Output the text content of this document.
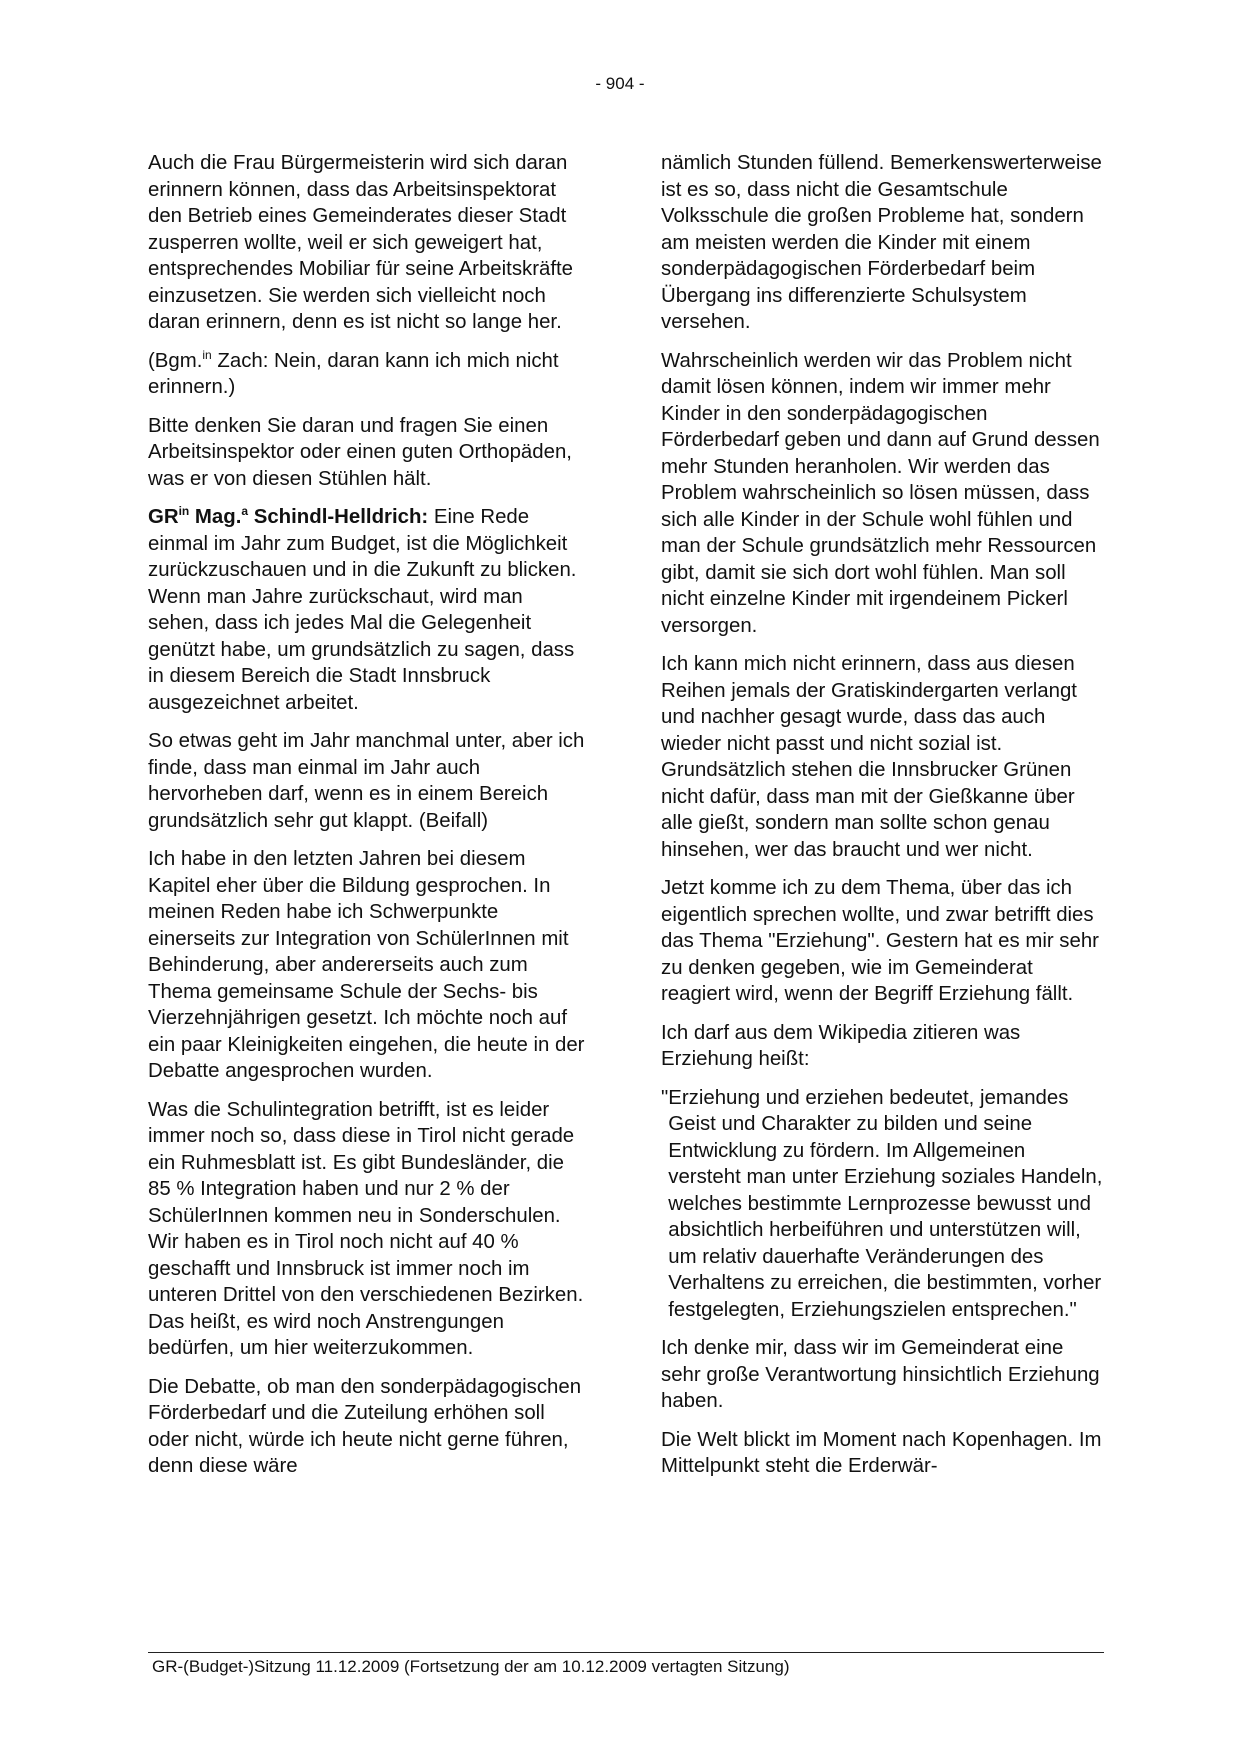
- 904 -

Auch die Frau Bürgermeisterin wird sich daran erinnern können, dass das Arbeitsinspektorat den Betrieb eines Gemeinderates dieser Stadt zusperren wollte, weil er sich geweigert hat, entsprechendes Mobiliar für seine Arbeitskräfte einzusetzen. Sie werden sich vielleicht noch daran erinnern, denn es ist nicht so lange her.

(Bgm.$^{in}$ Zach: Nein, daran kann ich mich nicht erinnern.)

Bitte denken Sie daran und fragen Sie einen Arbeitsinspektor oder einen guten Orthopäden, was er von diesen Stühlen hält.

$GR^{in}$ Mag.$^a$ Schindl-Helldrich: Eine Rede einmal im Jahr zum Budget, ist die Möglichkeit zurückzuschauen und in die Zukunft zu blicken. Wenn man Jahre zurückschaut, wird man sehen, dass ich jedes Mal die Gelegenheit genützt habe, um grundsätzlich zu sagen, dass in diesem Bereich die Stadt Innsbruck ausgezeichnet arbeitet.

So etwas geht im Jahr manchmal unter, aber ich finde, dass man einmal im Jahr auch hervorheben darf, wenn es in einem Bereich grundsätzlich sehr gut klappt. (Beifall)

Ich habe in den letzten Jahren bei diesem Kapitel eher über die Bildung gesprochen. In meinen Reden habe ich Schwerpunkte einerseits zur Integration von SchülerInnen mit Behinderung, aber andererseits auch zum Thema gemeinsame Schule der Sechs- bis Vierzehnjährigen gesetzt. Ich möchte noch auf ein paar Kleinigkeiten eingehen, die heute in der Debatte angesprochen wurden.

Was die Schulintegration betrifft, ist es leider immer noch so, dass diese in Tirol nicht gerade ein Ruhmesblatt ist. Es gibt Bundesländer, die 85 % Integration haben und nur 2 % der SchülerInnen kommen neu in Sonderschulen. Wir haben es in Tirol noch nicht auf 40 % geschafft und Innsbruck ist immer noch im unteren Drittel von den verschiedenen Bezirken. Das heißt, es wird noch Anstrengungen bedürfen, um hier weiterzukommen.

Die Debatte, ob man den sonderpädagogischen Förderbedarf und die Zuteilung erhöhen soll oder nicht, würde ich heute nicht gerne führen, denn diese wäre

nämlich Stunden füllend. Bemerkenswerterweise ist es so, dass nicht die Gesamtschule Volksschule die großen Probleme hat, sondern am meisten werden die Kinder mit einem sonderpädagogischen Förderbedarf beim Übergang ins differenzierte Schulsystem versehen.

Wahrscheinlich werden wir das Problem nicht damit lösen können, indem wir immer mehr Kinder in den sonderpädagogischen Förderbedarf geben und dann auf Grund dessen mehr Stunden heranholen. Wir werden das Problem wahrscheinlich so lösen müssen, dass sich alle Kinder in der Schule wohl fühlen und man der Schule grundsätzlich mehr Ressourcen gibt, damit sie sich dort wohl fühlen. Man soll nicht einzelne Kinder mit irgendeinem Pickerl versorgen.

Ich kann mich nicht erinnern, dass aus diesen Reihen jemals der Gratiskindergarten verlangt und nachher gesagt wurde, dass das auch wieder nicht passt und nicht sozial ist. Grundsätzlich stehen die Innsbrucker Grünen nicht dafür, dass man mit der Gießkanne über alle gießt, sondern man sollte schon genau hinsehen, wer das braucht und wer nicht.

Jetzt komme ich zu dem Thema, über das ich eigentlich sprechen wollte, und zwar betrifft dies das Thema "Erziehung". Gestern hat es mir sehr zu denken gegeben, wie im Gemeinderat reagiert wird, wenn der Begriff Erziehung fällt.

Ich darf aus dem Wikipedia zitieren was Erziehung heißt:

" Erziehung und erziehen bedeutet, jemandes Geist und Charakter zu bilden und seine Entwicklung zu fördern. Im Allgemeinen versteht man unter Erziehung soziales Handeln, welches bestimmte Lernprozesse bewusst und absichtlich herbeiführen und unterstützen will, um relativ dauerhafte Veränderungen des Verhaltens zu erreichen, die bestimmten, vorher festgelegten, Erziehungszielen entsprechen."

Ich denke mir, dass wir im Gemeinderat eine sehr große Verantwortung hinsichtlich Erziehung haben.

Die Welt blickt im Moment nach Kopenhagen. Im Mittelpunkt steht die Erderwär-

GR-(Budget-)Sitzung 11.12.2009 (Fortsetzung der am 10.12.2009 vertagten Sitzung)
